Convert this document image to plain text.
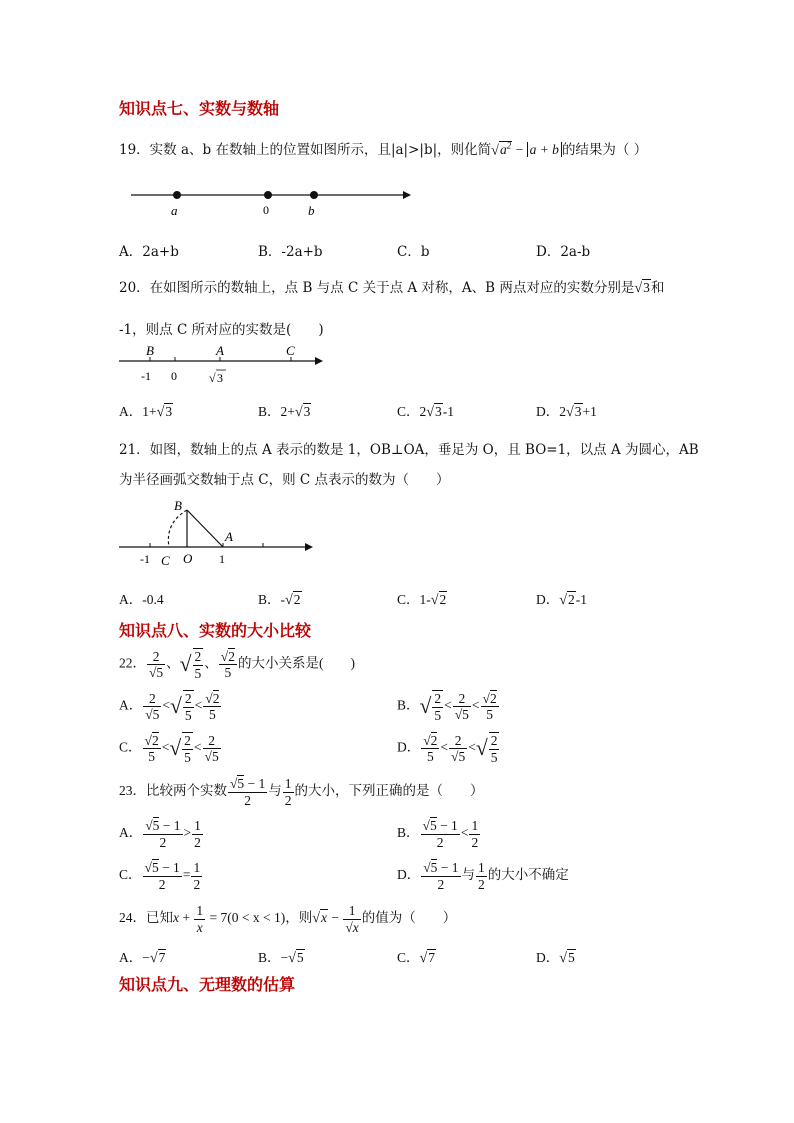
知识点七、实数与数轴
19．实数 a、b 在数轴上的位置如图所示，且|a|>|b|，则化简$√a^2 - a + b$ 的结果为（ ）
a	0	b
A．2a+b	B．-2a+b	C．b	D．2a-b
20．在如图所示的数轴上，点 B 与点 C 关于点 A 对称，A、B 两点对应的实数分别是√3和
-1，则点 C 所对应的实数是(　　)
B	A	C
-1 0	√ 3
A．1+√3	B．2+√3	C．2√3-1	D．2√3+1
21．如图，数轴上的点 A 表示的数是 1，OB⊥OA，垂足为 O，且 BO=1，以点 A 为圆心，AB
为半径画弧交数轴于点 C，则 C 点表示的数为（　　）
B
A
-1 C O 1
A．-0.4	B．-√2	C．1-√2	D．√2-1
知识点八、实数的大小比较
22． $\frac{2}{√5}$ 、√ $\frac{2}{5}$ 、 $\frac{√2}{5}$ 的大小关系是(　　)
A． $\frac{2}{√5}$ <√ $\frac{2}{5} < \frac{√2}{5}$	B．√ $\frac{2}{5} < \frac{2}{√5} < \frac{√2}{5}$
C． $\frac{√2}{5}$ <√ $\frac{2}{5} < \frac{2}{√5}$	D． $\frac{√2}{5} < \frac{2}{√5}$ <√ $\frac{2}{5}$
23．比较两个实数 $\frac{√5 - 1}{2}$ 与 $\frac{1}{2}$ 的大小，下列正确的是（　　）
A． $\frac{√5 - 1}{2} > \frac{1}{2}$	B． $\frac{√5 - 1}{2} < \frac{1}{2}$
C． $\frac{√5 - 1}{2} = \frac{1}{2}$	D． $\frac{√5 - 1}{2}$ 与 $\frac{1}{2}$ 的大小不确定
24．已知$x + \frac{1}{x} = 7(0 < x < 1)$，则$√x - \frac{1}{√x}$ 的值为（　　）
A．−√7	B．−√5	C．√7	D．√5
知识点九、无理数的估算
